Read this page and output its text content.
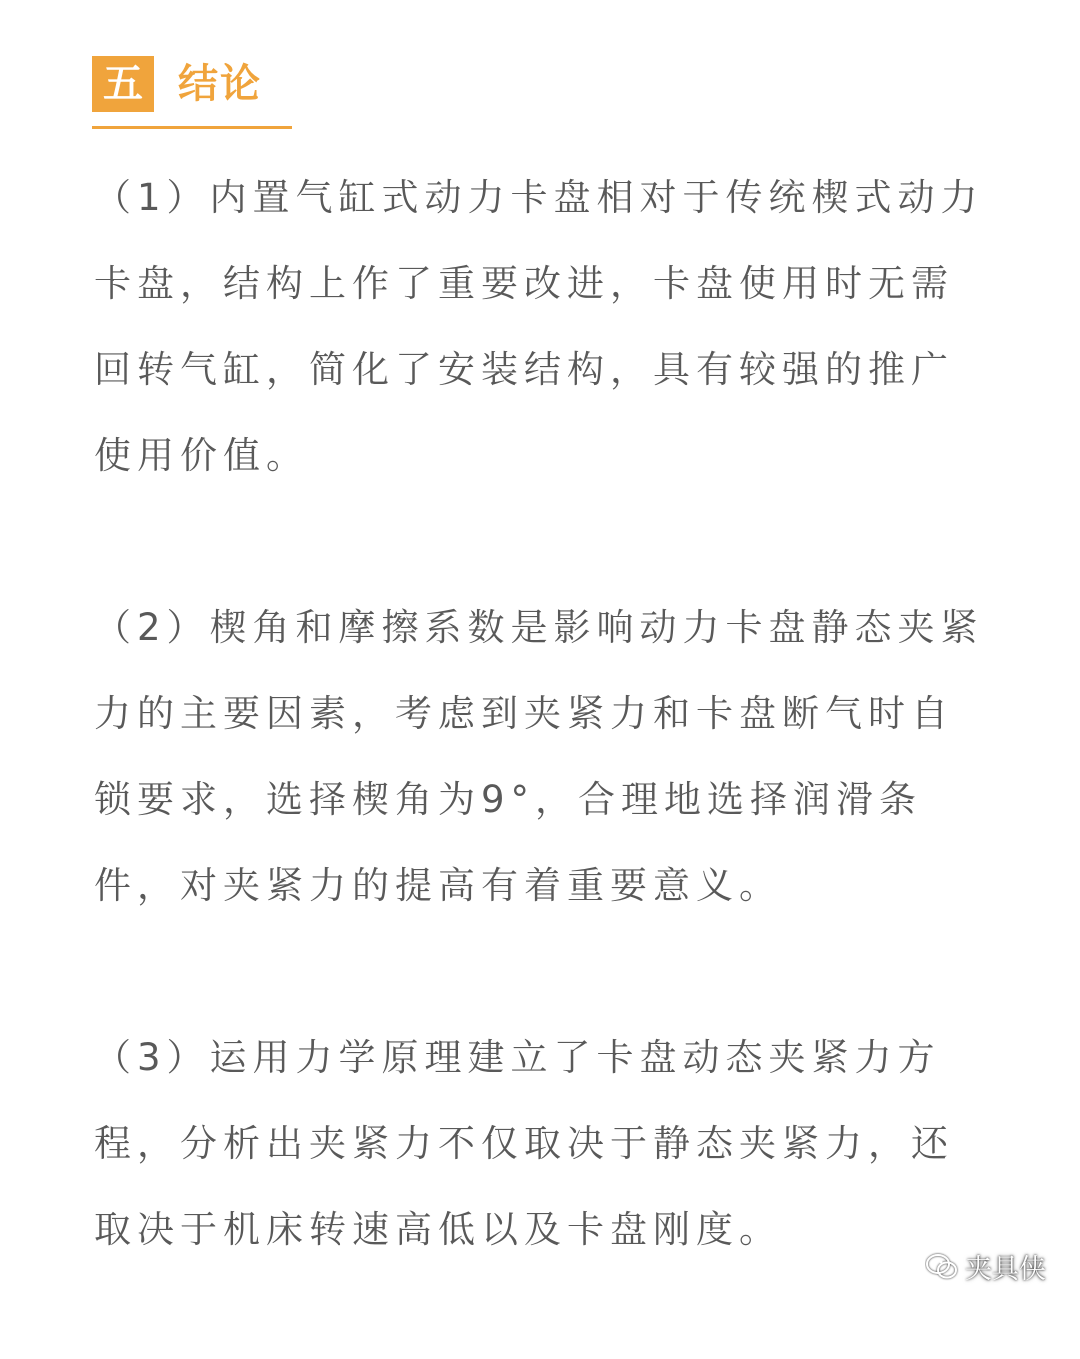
五 结论

（1）内置气缸式动力卡盘相对于传统楔式动力卡盘，结构上作了重要改进，卡盘使用时无需回转气缸，简化了安装结构，具有较强的推广使用价值。

（2）楔角和摩擦系数是影响动力卡盘静态夹紧力的主要因素，考虑到夹紧力和卡盘断气时自锁要求，选择楔角为9°，合理地选择润滑条件，对夹紧力的提高有着重要意义。

（3）运用力学原理建立了卡盘动态夹紧力方程，分析出夹紧力不仅取决于静态夹紧力，还取决于机床转速高低以及卡盘刚度。

夹具侠
